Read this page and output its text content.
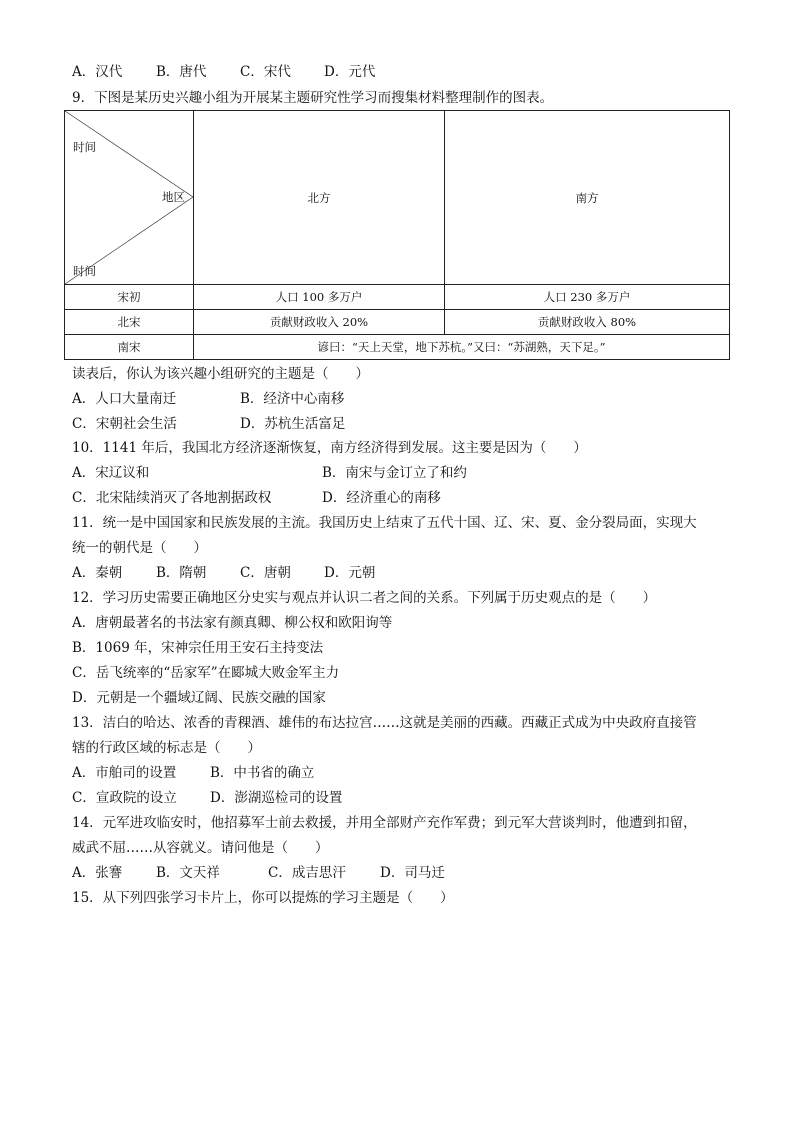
A．汉代	B．唐代 C．宋代 D．元代
9．下图是某历史兴趣小组为开展某主题研究性学习而搜集材料整理制作的图表。
时间
地区
时间	北方	南方
宋初	人口 100 多万户	人口 230 多万户
北宋	贡献财政收入 20%	贡献财政收入 80%
南宋	谚曰：“天上天堂，地下苏杭。”又曰：“苏湖熟，天下足。”	
读表后，你认为该兴趣小组研究的主题是（　　）
A．人口大量南迁	B．经济中心南移
C．宋朝社会生活	D．苏杭生活富足
10．1141 年后，我国北方经济逐渐恢复，南方经济得到发展。这主要是因为（　　）
A．宋辽议和	B．南宋与金订立了和约
C．北宋陆续消灭了各地割据政权	D．经济重心的南移
11．统一是中国国家和民族发展的主流。我国历史上结束了五代十国、辽、宋、夏、金分裂局面，实现大
统一的朝代是（　　）
A．秦朝	B．隋朝 C．唐朝 D．元朝
12．学习历史需要正确地区分史实与观点并认识二者之间的关系。下列属于历史观点的是（　　）
A．唐朝最著名的书法家有颜真卿、柳公权和欧阳询等
B．1069 年，宋神宗任用王安石主持变法
C．岳飞统率的“岳家军”在郾城大败金军主力
D．元朝是一个疆域辽阔、民族交融的国家
13．洁白的哈达、浓香的青稞酒、雄伟的布达拉宫……这就是美丽的西藏。西藏正式成为中央政府直接管
辖的行政区域的标志是（　　）
A．市舶司的设置	B．中书省的确立
C．宣政院的设立 D．澎湖巡检司的设置
14．元军进攻临安时，他招募军士前去救援，并用全部财产充作军费；到元军大营谈判时，他遭到扣留，
威武不屈……从容就义。请问他是（　　）
A．张謇	B．文天祥	C．成吉思汗	D．司马迁
15．从下列四张学习卡片上，你可以提炼的学习主题是（　　）
